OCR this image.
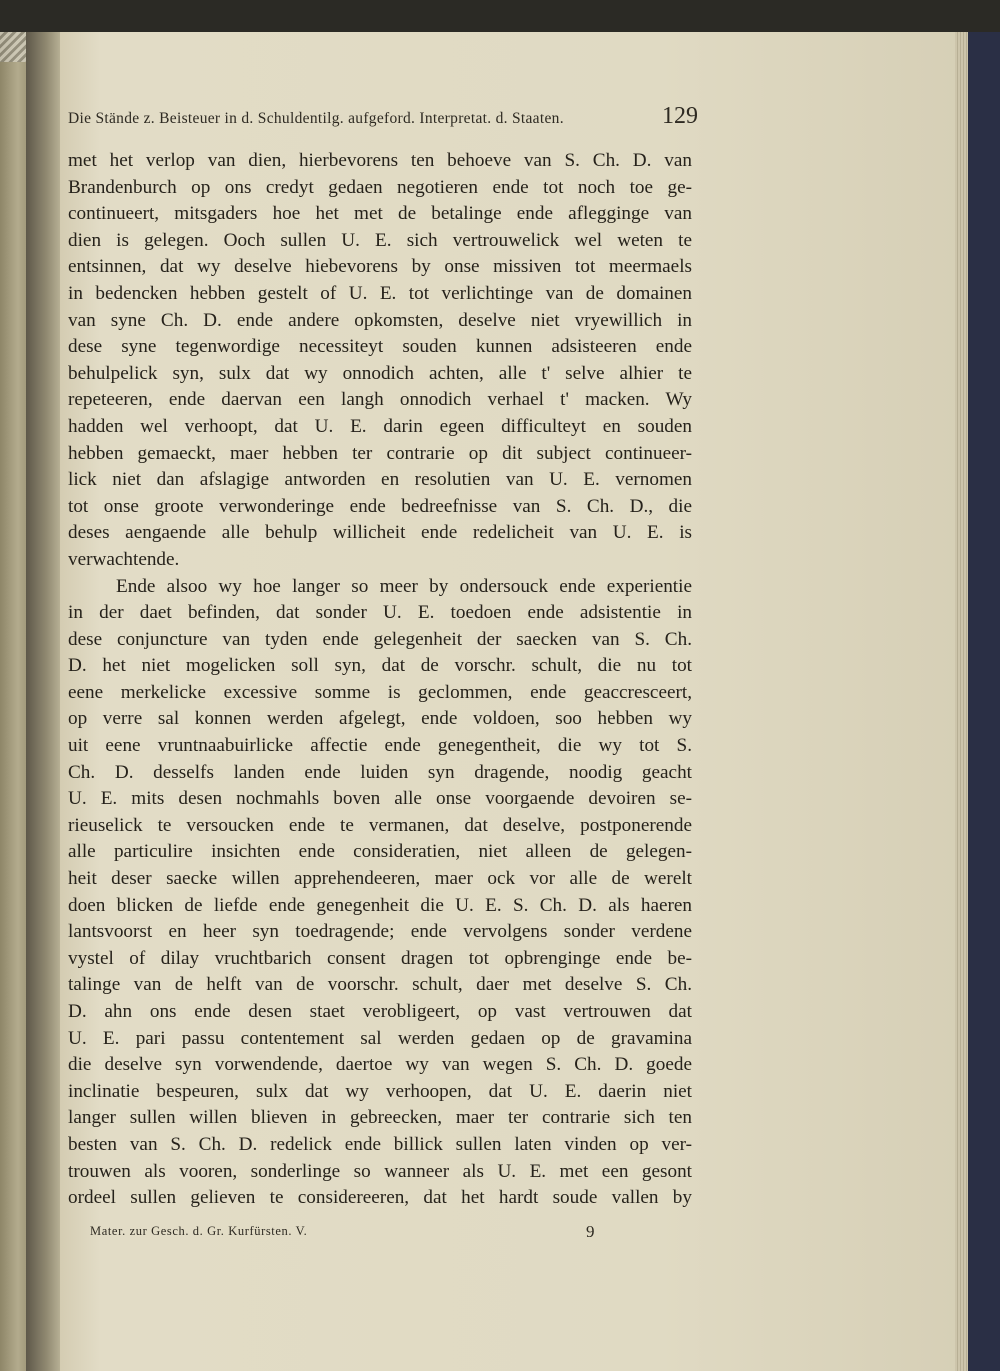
Die Stände z. Beisteuer in d. Schuldentilg. aufgeford. Interpretat. d. Staaten.	129
met het verlop van dien, hierbevorens ten behoeve van S. Ch. D. van
Brandenburch op ons credyt gedaen negotieren ende tot noch toe ge-
continueert, mitsgaders hoe het met de betalinge ende aflegginge van
dien is gelegen. Ooch sullen U. E. sich vertrouwelick wel weten te
entsinnen, dat wy deselve hiebevorens by onse missiven tot meermaels
in bedencken hebben gestelt of U. E. tot verlichtinge van de domainen
van syne Ch. D. ende andere opkomsten, deselve niet vryewillich in
dese syne tegenwordige necessiteyt souden kunnen adsisteeren ende
behulpelick syn, sulx dat wy onnodich achten, alle t' selve alhier te
repeteeren, ende daervan een langh onnodich verhael t' macken. Wy
hadden wel verhoopt, dat U. E. darin egeen difficulteyt en souden
hebben gemaeckt, maer hebben ter contrarie op dit subject continueer-
lick niet dan afslagige antworden en resolutien van U. E. vernomen
tot onse groote verwonderinge ende bedreefnisse van S. Ch. D., die
deses aengaende alle behulp willicheit ende redelicheit van U. E. is
verwachtende.
Ende alsoo wy hoe langer so meer by ondersouck ende experientie
in der daet befinden, dat sonder U. E. toedoen ende adsistentie in
dese conjuncture van tyden ende gelegenheit der saecken van S. Ch.
D. het niet mogelicken soll syn, dat de vorschr. schult, die nu tot
eene merkelicke excessive somme is geclommen, ende geaccresceert,
op verre sal konnen werden afgelegt, ende voldoen, soo hebben wy
uit eene vruntnaabuirlicke affectie ende genegentheit, die wy tot S.
Ch. D. desselfs landen ende luiden syn dragende, noodig geacht
U. E. mits desen nochmahls boven alle onse voorgaende devoiren se-
rieuselick te versoucken ende te vermanen, dat deselve, postponerende
alle particulire insichten ende consideratien, niet alleen de gelegen-
heit deser saecke willen apprehendeeren, maer ock vor alle de werelt
doen blicken de liefde ende genegenheit die U. E. S. Ch. D. als haeren
lantsvoorst en heer syn toedragende; ende vervolgens sonder verdene
vystel of dilay vruchtbarich consent dragen tot opbrenginge ende be-
talinge van de helft van de voorschr. schult, daer met deselve S. Ch.
D. ahn ons ende desen staet verobligeert, op vast vertrouwen dat
U. E. pari passu contentement sal werden gedaen op de gravamina
die deselve syn vorwendende, daertoe wy van wegen S. Ch. D. goede
inclinatie bespeuren, sulx dat wy verhoopen, dat U. E. daerin niet
langer sullen willen blieven in gebreecken, maer ter contrarie sich ten
besten van S. Ch. D. redelick ende billick sullen laten vinden op ver-
trouwen als vooren, sonderlinge so wanneer als U. E. met een gesont
ordeel sullen gelieven te considereeren, dat het hardt soude vallen by
Mater. zur Gesch. d. Gr. Kurfürsten. V.	9
